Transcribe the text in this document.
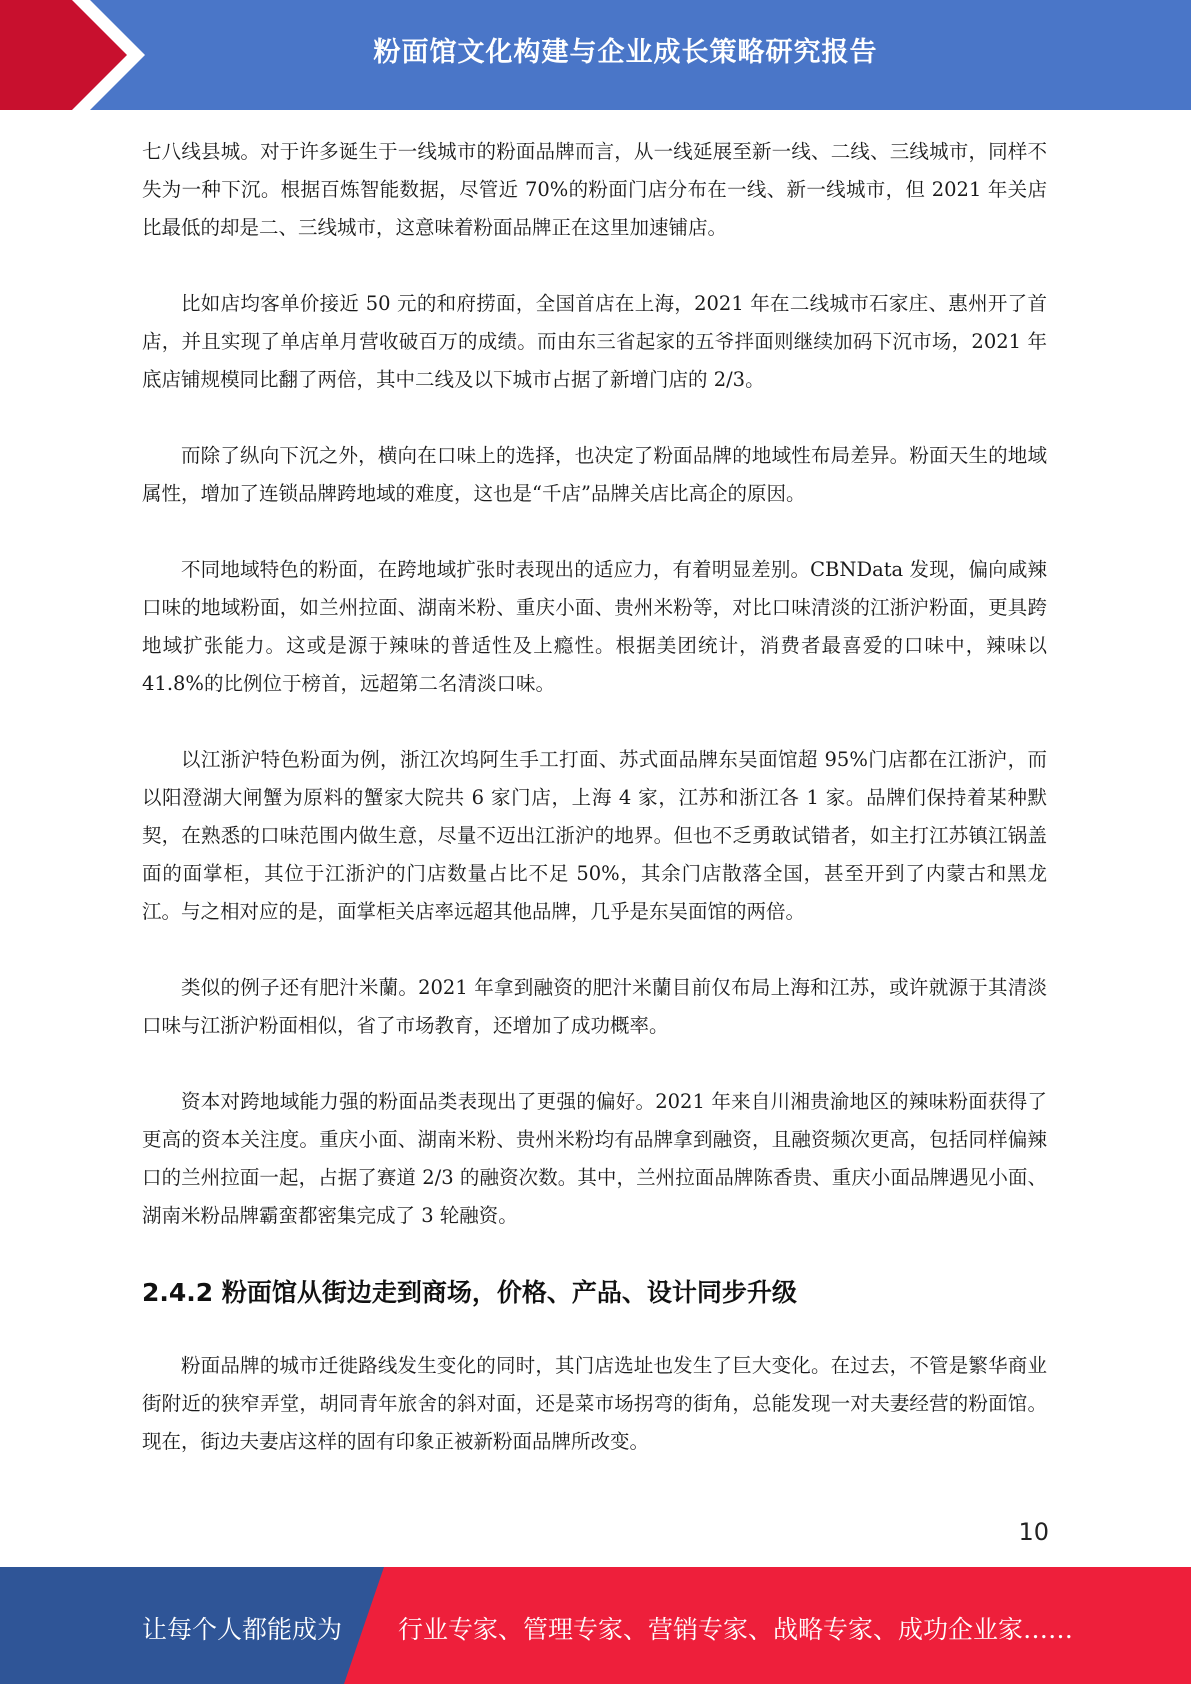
粉面馆文化构建与企业成长策略研究报告

七八线县城。对于许多诞生于一线城市的粉面品牌而言，从一线延展至新一线、二线、三线城市，同样不失为一种下沉。根据百炼智能数据，尽管近 70%的粉面门店分布在一线、新一线城市，但 2021 年关店比最低的却是二、三线城市，这意味着粉面品牌正在这里加速铺店。

比如店均客单价接近 50 元的和府捞面，全国首店在上海，2021 年在二线城市石家庄、惠州开了首店，并且实现了单店单月营收破百万的成绩。而由东三省起家的五爷拌面则继续加码下沉市场，2021 年底店铺规模同比翻了两倍，其中二线及以下城市占据了新增门店的 2/3。

而除了纵向下沉之外，横向在口味上的选择，也决定了粉面品牌的地域性布局差异。粉面天生的地域属性，增加了连锁品牌跨地域的难度，这也是“千店”品牌关店比高企的原因。

不同地域特色的粉面，在跨地域扩张时表现出的适应力，有着明显差别。CBNData 发现，偏向咸辣口味的地域粉面，如兰州拉面、湖南米粉、重庆小面、贵州米粉等，对比口味清淡的江浙沪粉面，更具跨地域扩张能力。这或是源于辣味的普适性及上瘾性。根据美团统计，消费者最喜爱的口味中，辣味以 41.8%的比例位于榜首，远超第二名清淡口味。

以江浙沪特色粉面为例，浙江次坞阿生手工打面、苏式面品牌东吴面馆超 95%门店都在江浙沪，而以阳澄湖大闸蟹为原料的蟹家大院共 6 家门店，上海 4 家，江苏和浙江各 1 家。品牌们保持着某种默契，在熟悉的口味范围内做生意，尽量不迈出江浙沪的地界。但也不乏勇敢试错者，如主打江苏镇江锅盖面的面掌柜，其位于江浙沪的门店数量占比不足 50%，其余门店散落全国，甚至开到了内蒙古和黑龙江。与之相对应的是，面掌柜关店率远超其他品牌，几乎是东吴面馆的两倍。

类似的例子还有肥汁米蘭。2021 年拿到融资的肥汁米蘭目前仅布局上海和江苏，或许就源于其清淡口味与江浙沪粉面相似，省了市场教育，还增加了成功概率。

资本对跨地域能力强的粉面品类表现出了更强的偏好。2021 年来自川湘贵渝地区的辣味粉面获得了更高的资本关注度。重庆小面、湖南米粉、贵州米粉均有品牌拿到融资，且融资频次更高，包括同样偏辣口的兰州拉面一起，占据了赛道 2/3 的融资次数。其中，兰州拉面品牌陈香贵、重庆小面品牌遇见小面、湖南米粉品牌霸蛮都密集完成了 3 轮融资。

2.4.2 粉面馆从街边走到商场，价格、产品、设计同步升级

粉面品牌的城市迁徙路线发生变化的同时，其门店选址也发生了巨大变化。在过去，不管是繁华商业街附近的狭窄弄堂，胡同青年旅舍的斜对面，还是菜市场拐弯的街角，总能发现一对夫妻经营的粉面馆。现在，街边夫妻店这样的固有印象正被新粉面品牌所改变。

10
让每个人都能成为 行业专家、管理专家、营销专家、战略专家、成功企业家……
